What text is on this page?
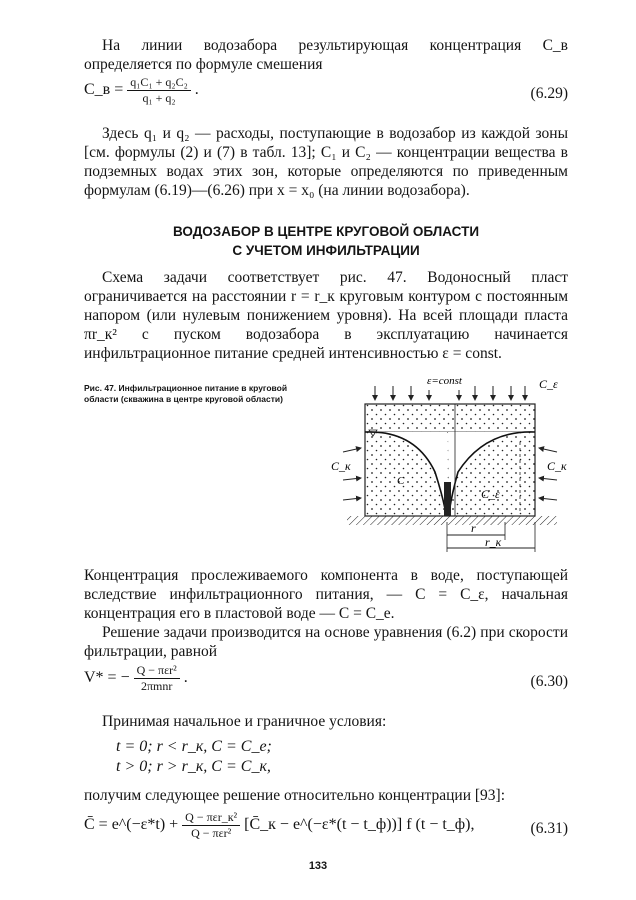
На линии водозабора результирующая концентрация C_в определяется по формуле смешения

C_в = $\frac{\text{q₁C₁ + q₂C₂}}{\text{q₁ + q₂}}$ .	(6.29)

Здесь q₁ и q₂ — расходы, поступающие в водозабор из каждой зоны [см. формулы (2) и (7) в табл. 13]; C₁ и C₂ — концентрации вещества в подземных водах этих зон, которые определяются по приведенным формулам (6.19)—(6.26) при x = x₀ (на линии водозабора).

ВОДОЗАБОР В ЦЕНТРЕ КРУГОВОЙ ОБЛАСТИ
С УЧЕТОМ ИНФИЛЬТРАЦИИ

Схема задачи соответствует рис. 47. Водоносный пласт ограничивается на расстоянии r = r_к круговым контуром с постоянным напором (или нулевым понижением уровня). На всей площади пласта πr_к² с пуском водозабора в эксплуатацию начинается инфильтрационное питание средней интенсивностью ε = const.

Рис. 47. Инфильтрационное питание в круговой области (скважина в центре круговой области)
ε=const	C_ε
C_к	C_к
C
C_ε
r
r_к

Концентрация прослеживаемого компонента в воде, поступающей вследствие инфильтрационного питания, — C = C_ε, начальная концентрация его в пластовой воде — C = C_e.

Решение задачи производится на основе уравнения (6.2) при скорости фильтрации, равной

V* = − $\frac{\text{Q − πεr²}}{\text{2πmnr}}$ .	(6.30)

Принимая начальное и граничное условия:

t = 0; r < r_к, C = C_e;

t > 0; r > r_к, C = C_к,

получим следующее решение относительно концентрации [93]:

C̄ = e^(−ε*t) + $\frac{\text{Q − πεr\_к²}}{\text{Q − πεr²}}$ [C̄_к − e^(−ε*(t − t_ф))] f (t − t_ф),	(6.31)
133
